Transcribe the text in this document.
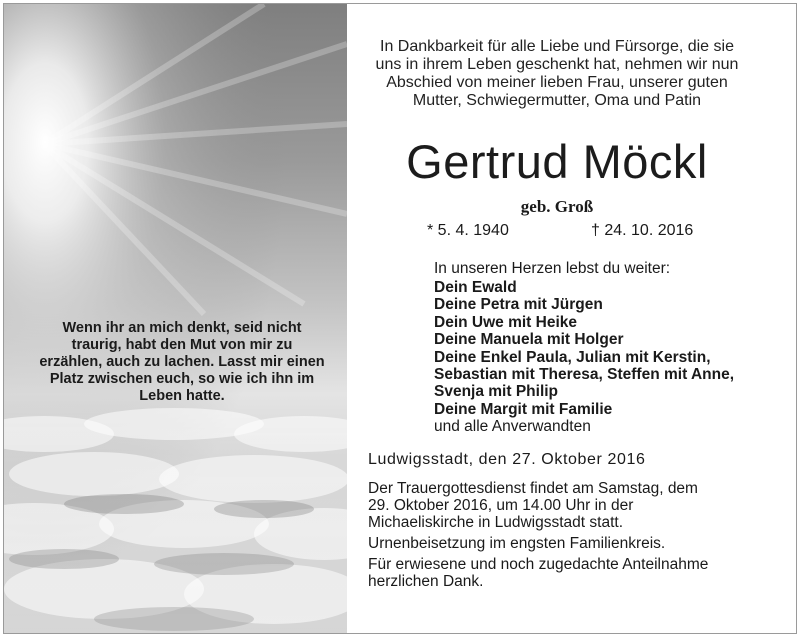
Wenn ihr an mich denkt, seid nicht
traurig, habt den Mut von mir zu
erzählen, auch zu lachen. Lasst mir einen
Platz zwischen euch, so wie ich ihn im
Leben hatte.
In Dankbarkeit für alle Liebe und Fürsorge, die sie
uns in ihrem Leben geschenkt hat, nehmen wir nun
Abschied von meiner lieben Frau, unserer guten
Mutter, Schwiegermutter, Oma und Patin
Gertrud Möckl
geb. Groß
* 5. 4. 1940	† 24. 10. 2016
In unseren Herzen lebst du weiter:
Dein Ewald
Deine Petra mit Jürgen
Dein Uwe mit Heike
Deine Manuela mit Holger
Deine Enkel Paula, Julian mit Kerstin,
Sebastian mit Theresa, Steffen mit Anne,
Svenja mit Philip
Deine Margit mit Familie
und alle Anverwandten
Ludwigsstadt, den 27. Oktober 2016

Der Trauergottesdienst findet am Samstag, dem
29. Oktober 2016, um 14.00 Uhr in der
Michaeliskirche in Ludwigsstadt statt.

Urnenbeisetzung im engsten Familienkreis.

Für erwiesene und noch zugedachte Anteilnahme
herzlichen Dank.
